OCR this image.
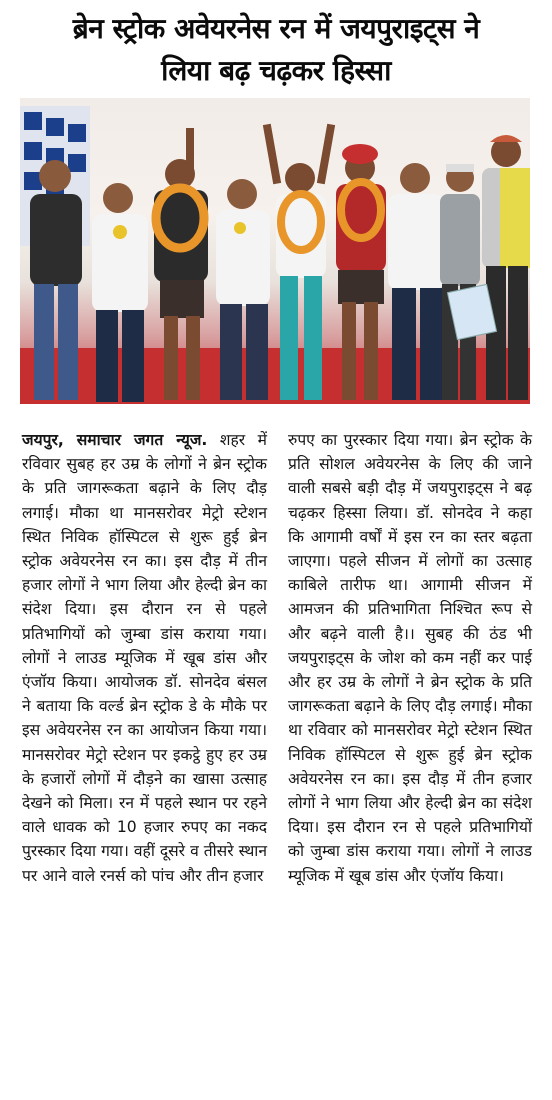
ब्रेन स्ट्रोक अवेयरनेस रन में जयपुराइट्स ने
लिया बढ़ चढ़कर हिस्सा

जयपुर, समाचार जगत न्यूज. शहर में रविवार सुबह हर उम्र के लोगों ने ब्रेन स्ट्रोक के प्रति जागरूकता बढ़ाने के लिए दौड़ लगाई। मौका था मानसरोवर मेट्रो स्टेशन स्थित निविक हॉस्पिटल से शुरू हुई ब्रेन स्ट्रोक अवेयरनेस रन का। इस दौड़ में तीन हजार लोगों ने भाग लिया और हेल्दी ब्रेन का संदेश दिया। इस दौरान रन से पहले प्रतिभागियों को जुम्बा डांस कराया गया। लोगों ने लाउड म्यूजिक में खूब डांस और एंजॉय किया। आयोजक डॉ. सोनदेव बंसल ने बताया कि वर्ल्ड ब्रेन स्ट्रोक डे के मौके पर इस अवेयरनेस रन का आयोजन किया गया। मानसरोवर मेट्रो स्टेशन पर इकट्ठे हुए हर उम्र के हजारों लोगों में दौड़ने का खासा उत्साह देखने को मिला। रन में पहले स्थान पर रहने वाले धावक को 10 हजार रुपए का नकद पुरस्कार दिया गया। वहीं दूसरे व तीसरे स्थान पर आने वाले रनर्स को पांच और तीन हजार

रुपए का पुरस्कार दिया गया। ब्रेन स्ट्रोक के प्रति सोशल अवेयरनेस के लिए की जाने वाली सबसे बड़ी दौड़ में जयपुराइट्स ने बढ़ चढ़कर हिस्सा लिया। डॉ. सोनदेव ने कहा कि आगामी वर्षों में इस रन का स्तर बढ़ता जाएगा। पहले सीजन में लोगों का उत्साह काबिले तारीफ था। आगामी सीजन में आमजन की प्रतिभागिता निश्चित रूप से और बढ़ने वाली है।। सुबह की ठंड भी जयपुराइट्स के जोश को कम नहीं कर पाई और हर उम्र के लोगों ने ब्रेन स्ट्रोक के प्रति जागरूकता बढ़ाने के लिए दौड़ लगाई। मौका था रविवार को मानसरोवर मेट्रो स्टेशन स्थित निविक हॉस्पिटल से शुरू हुई ब्रेन स्ट्रोक अवेयरनेस रन का। इस दौड़ में तीन हजार लोगों ने भाग लिया और हेल्दी ब्रेन का संदेश दिया। इस दौरान रन से पहले प्रतिभागियों को जुम्बा डांस कराया गया। लोगों ने लाउड म्यूजिक में खूब डांस और एंजॉय किया।
